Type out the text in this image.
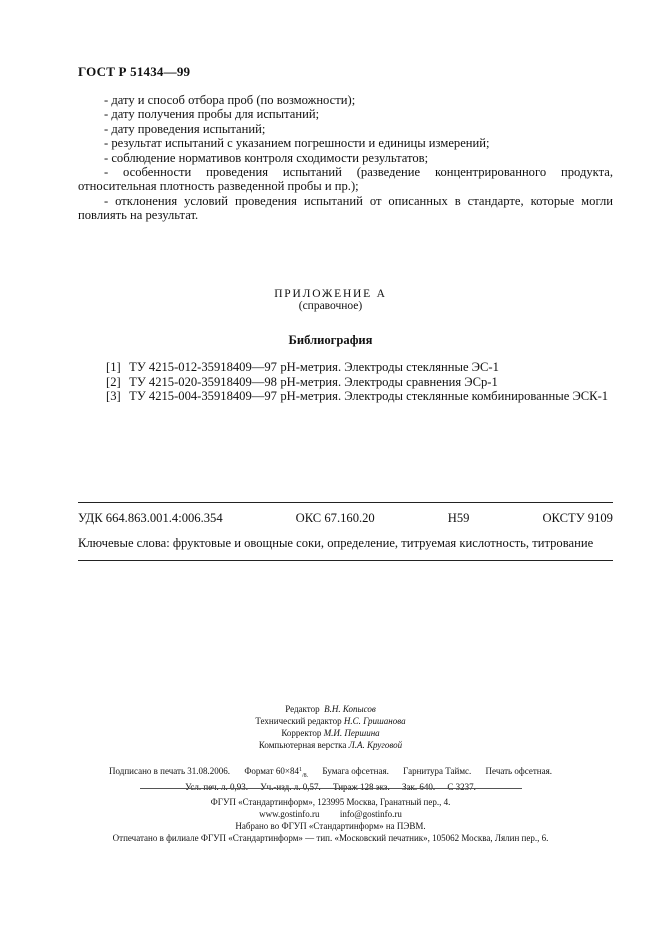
ГОСТ Р 51434—99

- дату и способ отбора проб (по возможности);

- дату получения пробы для испытаний;

- дату проведения испытаний;

- результат испытаний с указанием погрешности и единицы измерений;

- соблюдение нормативов контроля сходимости результатов;

- особенности проведения испытаний (разведение концентрированного продукта, относительная плотность разведенной пробы и пр.);

- отклонения условий проведения испытаний от описанных в стандарте, которые могли повлиять на результат.

ПРИЛОЖЕНИЕ А
(справочное)
Библиография
[1] ТУ 4215-012-35918409—97 рН-метрия. Электроды стеклянные ЭС-1
[2] ТУ 4215-020-35918409—98 рН-метрия. Электроды сравнения ЭСр-1
[3] ТУ 4215-004-35918409—97 рН-метрия. Электроды стеклянные комбинированные ЭСК-1
УДК 664.863.001.4:006.354	ОКС 67.160.20	Н59	ОКСТУ 9109
Ключевые слова: фруктовые и овощные соки, определение, титруемая кислотность, титрование
Редактор В.Н. Копысов
Технический редактор Н.С. Гришанова
Корректор М.И. Першина
Компьютерная верстка Л.А. Круговой
Подписано в печать 31.08.2006. Формат $60\times 84^1_{/8.}$ Бумага офсетная. Гарнитура Таймс. Печать офсетная.
Усл. печ. л. 0,93. Уч.-изд. л. 0,57. Тираж 128 экз. Зак. 640. С 3237.
ФГУП «Стандартинформ», 123995 Москва, Гранатный пер., 4.
www.gostinfo.ru info@gostinfo.ru
Набрано во ФГУП «Стандартинформ» на ПЭВМ.
Отпечатано в филиале ФГУП «Стандартинформ» — тип. «Московский печатник», 105062 Москва, Лялин пер., 6.
